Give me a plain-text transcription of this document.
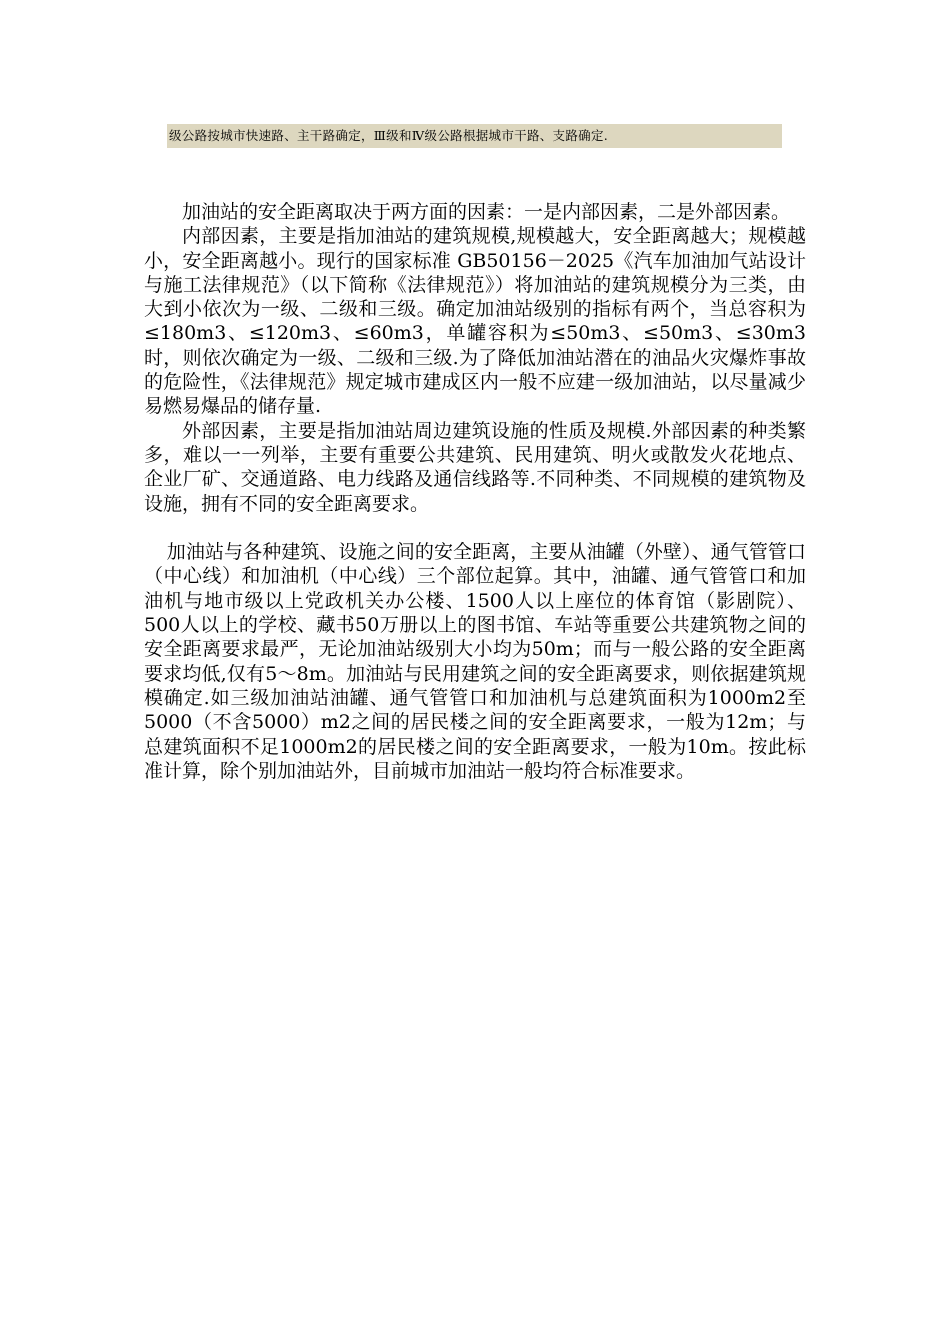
级公路按城市快速路、主干路确定，Ⅲ级和Ⅳ级公路根据城市干路、支路确定.

加油站的安全距离取决于两方面的因素：一是内部因素，二是外部因素。

内部因素，主要是指加油站的建筑规模,规模越大，安全距离越大；规模越小，安全距离越小。现行的国家标准 GB50156－2025《汽车加油加气站设计与施工法律规范》（以下简称《法律规范》）将加油站的建筑规模分为三类，由大到小依次为一级、二级和三级。确定加油站级别的指标有两个，当总容积为≤180m3、≤120m3、≤60m3，单罐容积为≤50m3、≤50m3、≤30m3时，则依次确定为一级、二级和三级.为了降低加油站潜在的油品火灾爆炸事故的危险性，《法律规范》规定城市建成区内一般不应建一级加油站，以尽量减少易燃易爆品的储存量.

外部因素，主要是指加油站周边建筑设施的性质及规模.外部因素的种类繁多，难以一一列举，主要有重要公共建筑、民用建筑、明火或散发火花地点、企业厂矿、交通道路、电力线路及通信线路等.不同种类、不同规模的建筑物及设施，拥有不同的安全距离要求。

加油站与各种建筑、设施之间的安全距离，主要从油罐（外壁）、通气管管口（中心线）和加油机（中心线）三个部位起算。其中，油罐、通气管管口和加油机与地市级以上党政机关办公楼、1500人以上座位的体育馆（影剧院）、500人以上的学校、藏书50万册以上的图书馆、车站等重要公共建筑物之间的安全距离要求最严，无论加油站级别大小均为50m；而与一般公路的安全距离要求均低,仅有5～8m。加油站与民用建筑之间的安全距离要求，则依据建筑规模确定.如三级加油站油罐、通气管管口和加油机与总建筑面积为1000m2至5000（不含5000）m2之间的居民楼之间的安全距离要求，一般为12m；与总建筑面积不足1000m2的居民楼之间的安全距离要求，一般为10m。按此标准计算，除个别加油站外，目前城市加油站一般均符合标准要求。
